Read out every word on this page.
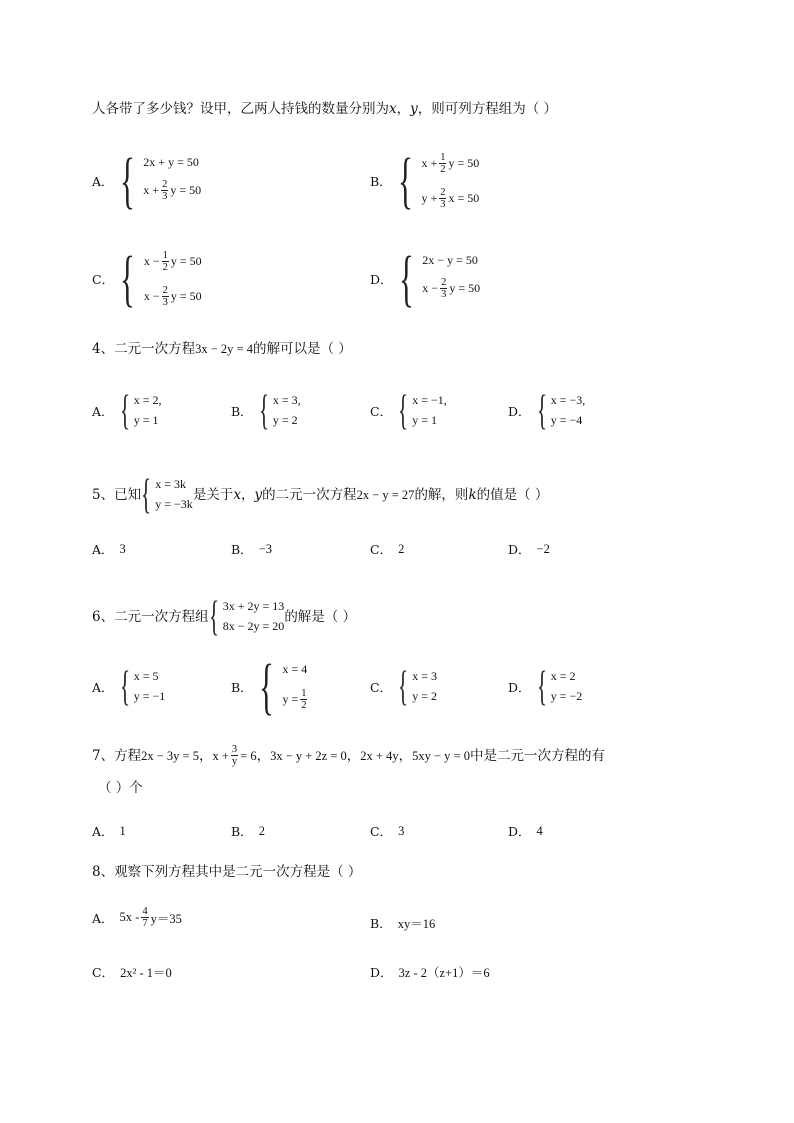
人各带了多少钱？设甲，乙两人持钱的数量分别为 x ， y ，则可列方程组为（ ）
A． { 2x + y = 50
$x + \frac{2}{3}$ y = 50
B． { $x + \frac{1}{2}$ y = 50
$y + \frac{2}{3}$ x = 50
C． { $x - \frac{1}{2}$ y = 50
$x - \frac{2}{3}$ y = 50
D． { 2x − y = 50
$x - \frac{2}{3}$ y = 50
4、二元一次方程 3x − 2y = 4 的解可以是（ ）
A． { x = 2,
y = 1
B． { x = 3,
y = 2
C． { x = −1,
y = 1
D． { x = −3,
y = −4
5、已知 { x = 3k
y = −3k
是关于 x ， y 的二元一次方程 2x − y = 27 的解，则 k 的值是（ ）
A． 3	B． −3	C． 2	D． −2
6、二元一次方程组 { 3x + 2y = 13
8x − 2y = 20
的解是（ ）
A． { x = 5
y = −1
B． { x = 4
$y = \frac{1}{2}$
C． { x = 3
y = 2
D． { x = 2
y = −2
7、方程 2x − 3y = 5 ， $x + \frac{3}{y} = 6$ ， 3x − y + 2z = 0 ， 2x + 4y ， 5xy − y = 0 中是二元一次方程的有
（ ）个
A． 1	B． 2	C． 3	D． 4
8、观察下列方程其中是二元一次方程是（ ）
A． $5x - \frac{4}{7} y=35$	B． xy＝16
C． 2x² - 1＝0	D． 3z - 2（z+1）＝6
